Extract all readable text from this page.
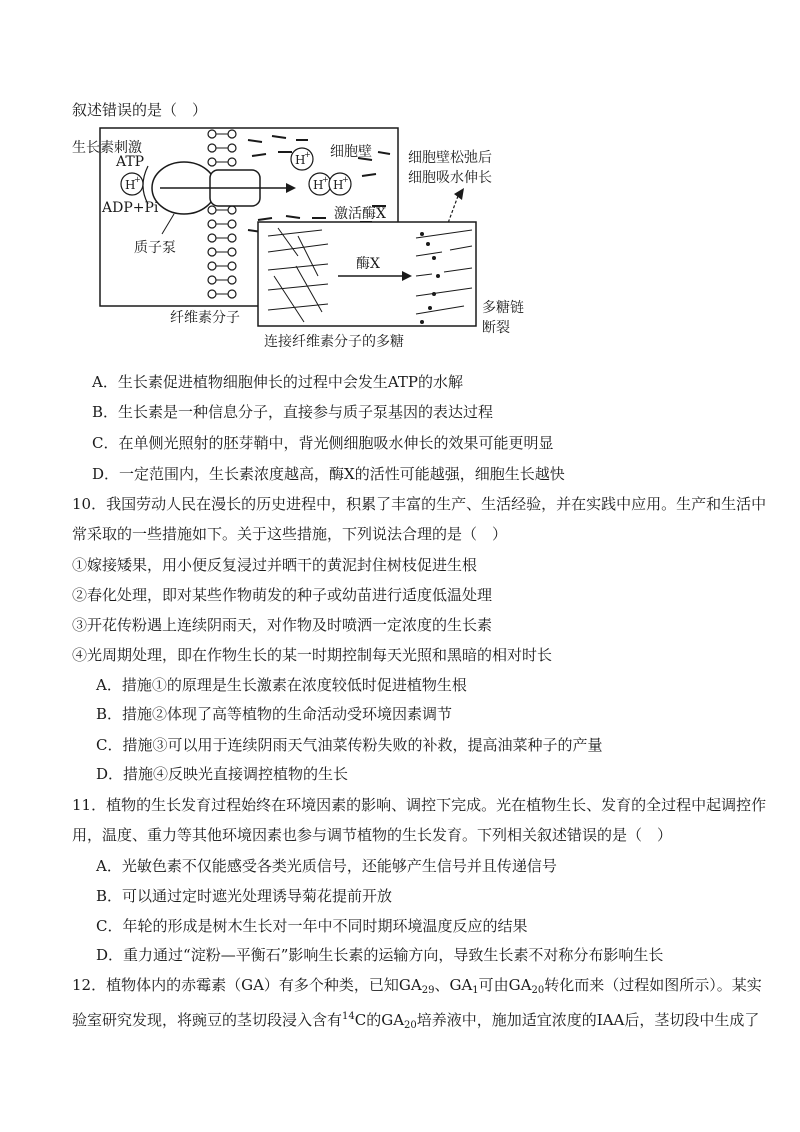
叙述错误的是（　）
H
+
生长素刺激
ATP
ADP+Pi
质子泵
H
+
H
+ H
+
细胞壁
激活酶X
细胞壁松弛后
细胞吸水伸长
酶X
多糖链
断裂
纤维素分子
连接纤维素分子的多糖
A．生长素促进植物细胞伸长的过程中会发生ATP的水解
B．生长素是一种信息分子，直接参与质子泵基因的表达过程
C．在单侧光照射的胚芽鞘中，背光侧细胞吸水伸长的效果可能更明显
D．一定范围内，生长素浓度越高，酶X的活性可能越强，细胞生长越快
10．我国劳动人民在漫长的历史进程中，积累了丰富的生产、生活经验，并在实践中应用。生产和生活中
常采取的一些措施如下。关于这些措施，下列说法合理的是（　）
①嫁接矮果，用小便反复浸过并晒干的黄泥封住树枝促进生根
②春化处理，即对某些作物萌发的种子或幼苗进行适度低温处理
③开花传粉遇上连续阴雨天，对作物及时喷洒一定浓度的生长素
④光周期处理，即在作物生长的某一时期控制每天光照和黑暗的相对时长
A．措施①的原理是生长激素在浓度较低时促进植物生根
B．措施②体现了高等植物的生命活动受环境因素调节
C．措施③可以用于连续阴雨天气油菜传粉失败的补救，提高油菜种子的产量
D．措施④反映光直接调控植物的生长
11．植物的生长发育过程始终在环境因素的影响、调控下完成。光在植物生长、发育的全过程中起调控作
用，温度、重力等其他环境因素也参与调节植物的生长发育。下列相关叙述错误的是（　）
A．光敏色素不仅能感受各类光质信号，还能够产生信号并且传递信号
B．可以通过定时遮光处理诱导菊花提前开放
C．年轮的形成是树木生长对一年中不同时期环境温度反应的结果
D．重力通过“淀粉—平衡石”影响生长素的运输方向，导致生长素不对称分布影响生长
12．植物体内的赤霉素（GA）有多个种类，已知$GA_{29}$、$GA_1$可由$GA_{20}$转化而来（过程如图所示）。某实
验室研究发现，将豌豆的茎切段浸入含有$^{14}$C的$GA_{20}$培养液中，施加适宜浓度的IAA后，茎切段中生成了
